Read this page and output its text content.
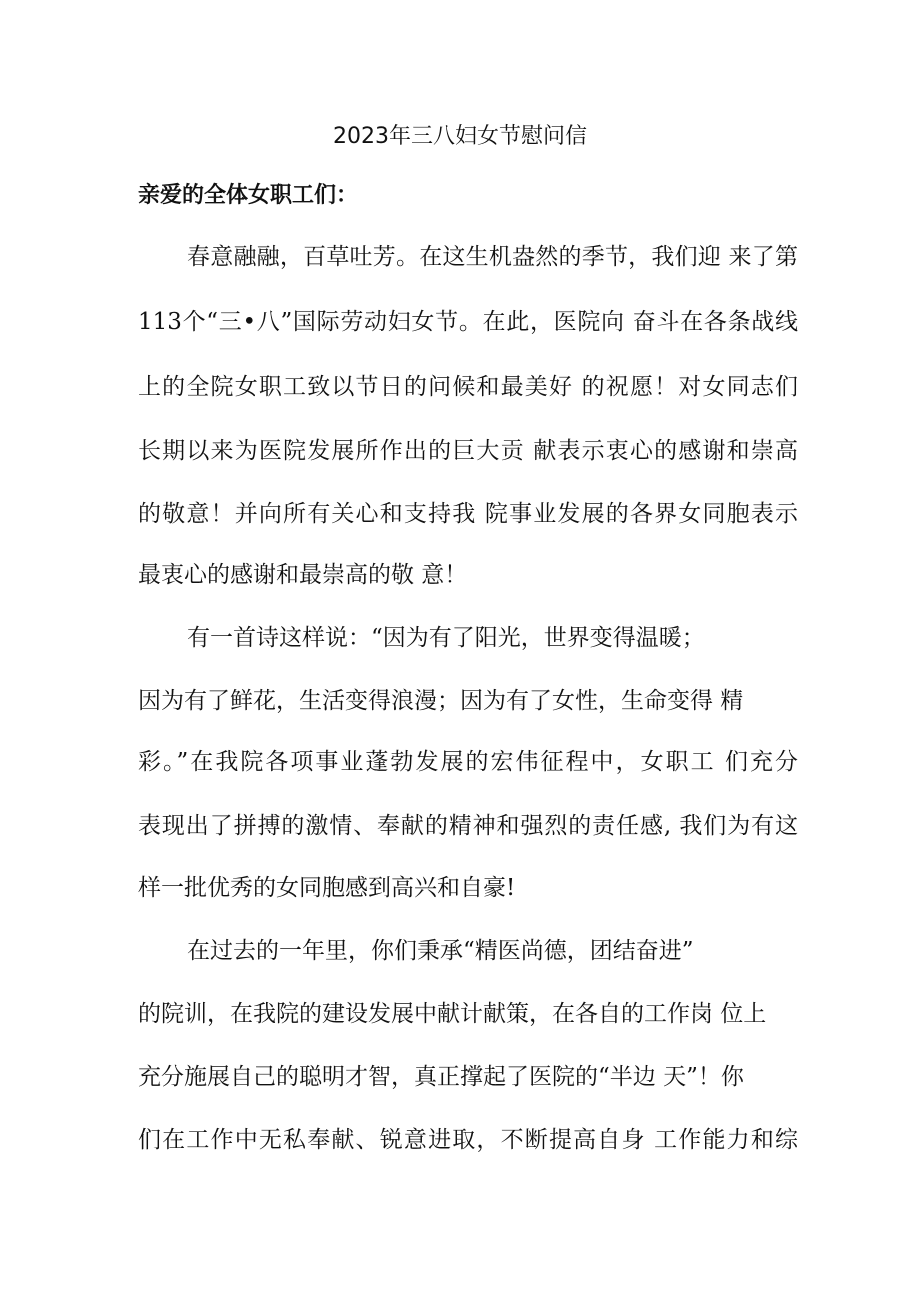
2023年三八妇女节慰问信
亲爱的全体女职工们：
春意融融，百草吐芳。在这生机盎然的季节，我们迎 来了第
113个“三•八”国际劳动妇女节。在此，医院向 奋斗在各条战线
上的全院女职工致以节日的问候和最美好 的祝愿！对女同志们
长期以来为医院发展所作出的巨大贡 献表示衷心的感谢和崇高
的敬意！并向所有关心和支持我 院事业发展的各界女同胞表示
最衷心的感谢和最崇高的敬 意！
有一首诗这样说：“因为有了阳光，世界变得温暖；
因为有了鲜花，生活变得浪漫；因为有了女性，生命变得 精
彩。”在我院各项事业蓬勃发展的宏伟征程中，女职工 们充分
表现出了拼搏的激情、奉献的精神和强烈的责任感, 我们为有这
样一批优秀的女同胞感到高兴和自豪!
在过去的一年里，你们秉承“精医尚德，团结奋进”
的院训，在我院的建设发展中献计献策，在各自的工作岗 位上
充分施展自己的聪明才智，真正撑起了医院的“半边 天”！你
们在工作中无私奉献、锐意进取，不断提高自身 工作能力和综
